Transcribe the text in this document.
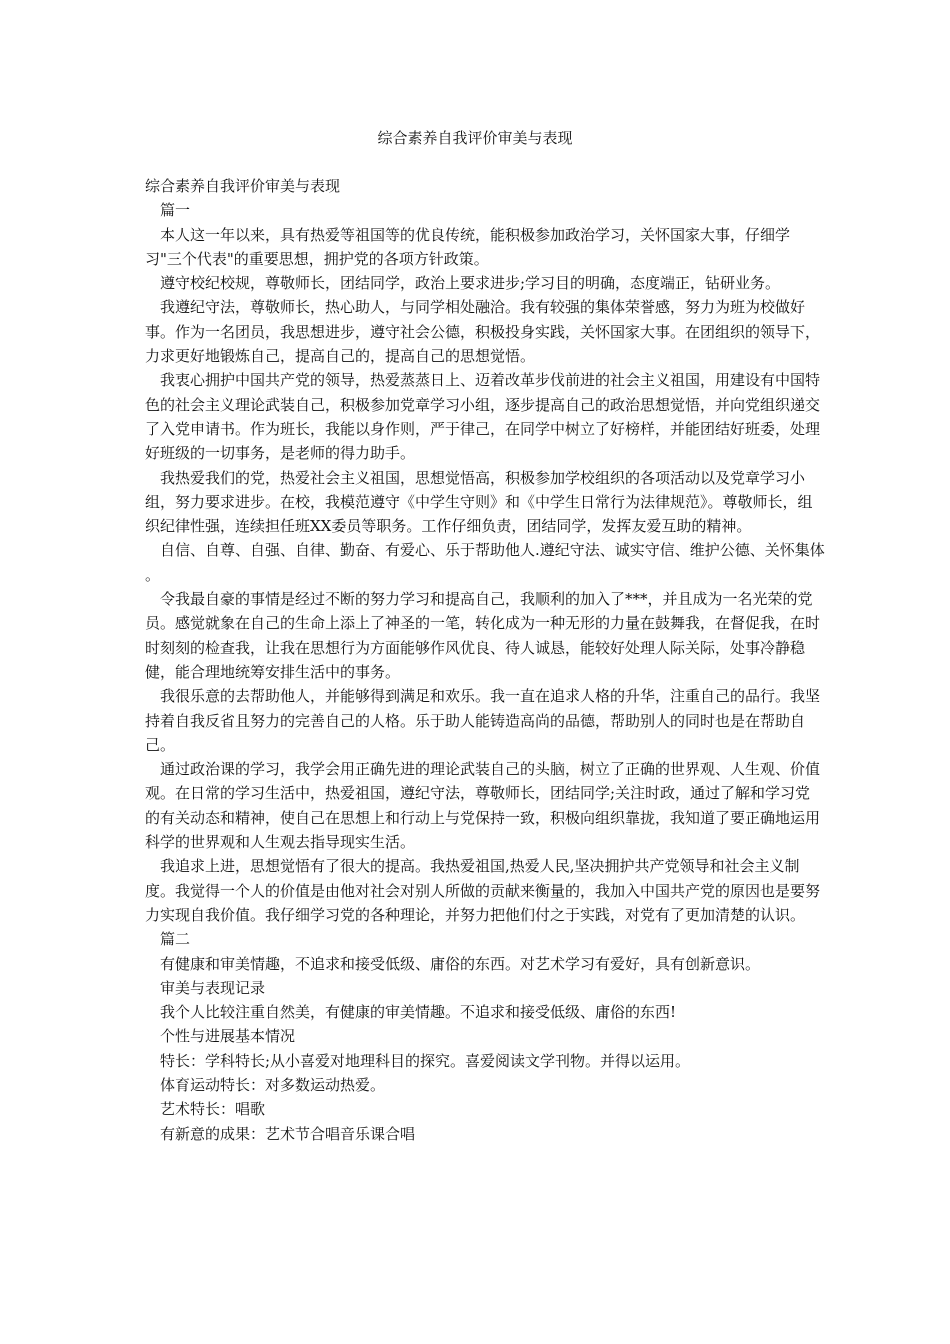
综合素养自我评价审美与表现

综合素养自我评价审美与表现

篇一

本人这一年以来，具有热爱等祖国等的优良传统，能积极参加政治学习，关怀国家大事，仔细学习"三个代表"的重要思想，拥护党的各项方针政策。

遵守校纪校规，尊敬师长，团结同学，政治上要求进步;学习目的明确，态度端正，钻研业务。

我遵纪守法，尊敬师长，热心助人，与同学相处融洽。我有较强的集体荣誉感，努力为班为校做好事。作为一名团员，我思想进步，遵守社会公德，积极投身实践，关怀国家大事。在团组织的领导下，力求更好地锻炼自己，提高自己的，提高自己的思想觉悟。

我衷心拥护中国共产党的领导，热爱蒸蒸日上、迈着改革步伐前进的社会主义祖国，用建设有中国特色的社会主义理论武装自己，积极参加党章学习小组，逐步提高自己的政治思想觉悟，并向党组织递交了入党申请书。作为班长，我能以身作则，严于律己，在同学中树立了好榜样，并能团结好班委，处理好班级的一切事务，是老师的得力助手。

我热爱我们的党，热爱社会主义祖国，思想觉悟高，积极参加学校组织的各项活动以及党章学习小组，努力要求进步。在校，我模范遵守《中学生守则》和《中学生日常行为法律规范》。尊敬师长，组织纪律性强，连续担任班XX委员等职务。工作仔细负责，团结同学，发挥友爱互助的精神。

自信、自尊、自强、自律、勤奋、有爱心、乐于帮助他人.遵纪守法、诚实守信、维护公德、关怀集体 。

令我最自豪的事情是经过不断的努力学习和提高自己，我顺利的加入了***，并且成为一名光荣的党员。感觉就象在自己的生命上添上了神圣的一笔，转化成为一种无形的力量在鼓舞我，在督促我，在时时刻刻的检查我，让我在思想行为方面能够作风优良、待人诚恳，能较好处理人际关际，处事冷静稳健，能合理地统筹安排生活中的事务。

我很乐意的去帮助他人，并能够得到满足和欢乐。我一直在追求人格的升华，注重自己的品行。我坚持着自我反省且努力的完善自己的人格。乐于助人能铸造高尚的品德，帮助别人的同时也是在帮助自己。

通过政治课的学习，我学会用正确先进的理论武装自己的头脑，树立了正确的世界观、人生观、价值观。在日常的学习生活中，热爱祖国，遵纪守法，尊敬师长，团结同学;关注时政，通过了解和学习党的有关动态和精神，使自己在思想上和行动上与党保持一致，积极向组织靠拢，我知道了要正确地运用科学的世界观和人生观去指导现实生活。

我追求上进，思想觉悟有了很大的提高。我热爱祖国,热爱人民,坚决拥护共产党领导和社会主义制度。我觉得一个人的价值是由他对社会对别人所做的贡献来衡量的，我加入中国共产党的原因也是要努力实现自我价值。我仔细学习党的各种理论，并努力把他们付之于实践，对党有了更加清楚的认识。

篇二

有健康和审美情趣，不追求和接受低级、庸俗的东西。对艺术学习有爱好，具有创新意识。

审美与表现记录

我个人比较注重自然美，有健康的审美情趣。不追求和接受低级、庸俗的东西!

个性与进展基本情况

特长：学科特长;从小喜爱对地理科目的探究。喜爱阅读文学刊物。并得以运用。

体育运动特长：对多数运动热爱。

艺术特长：唱歌

有新意的成果：艺术节合唱音乐课合唱
